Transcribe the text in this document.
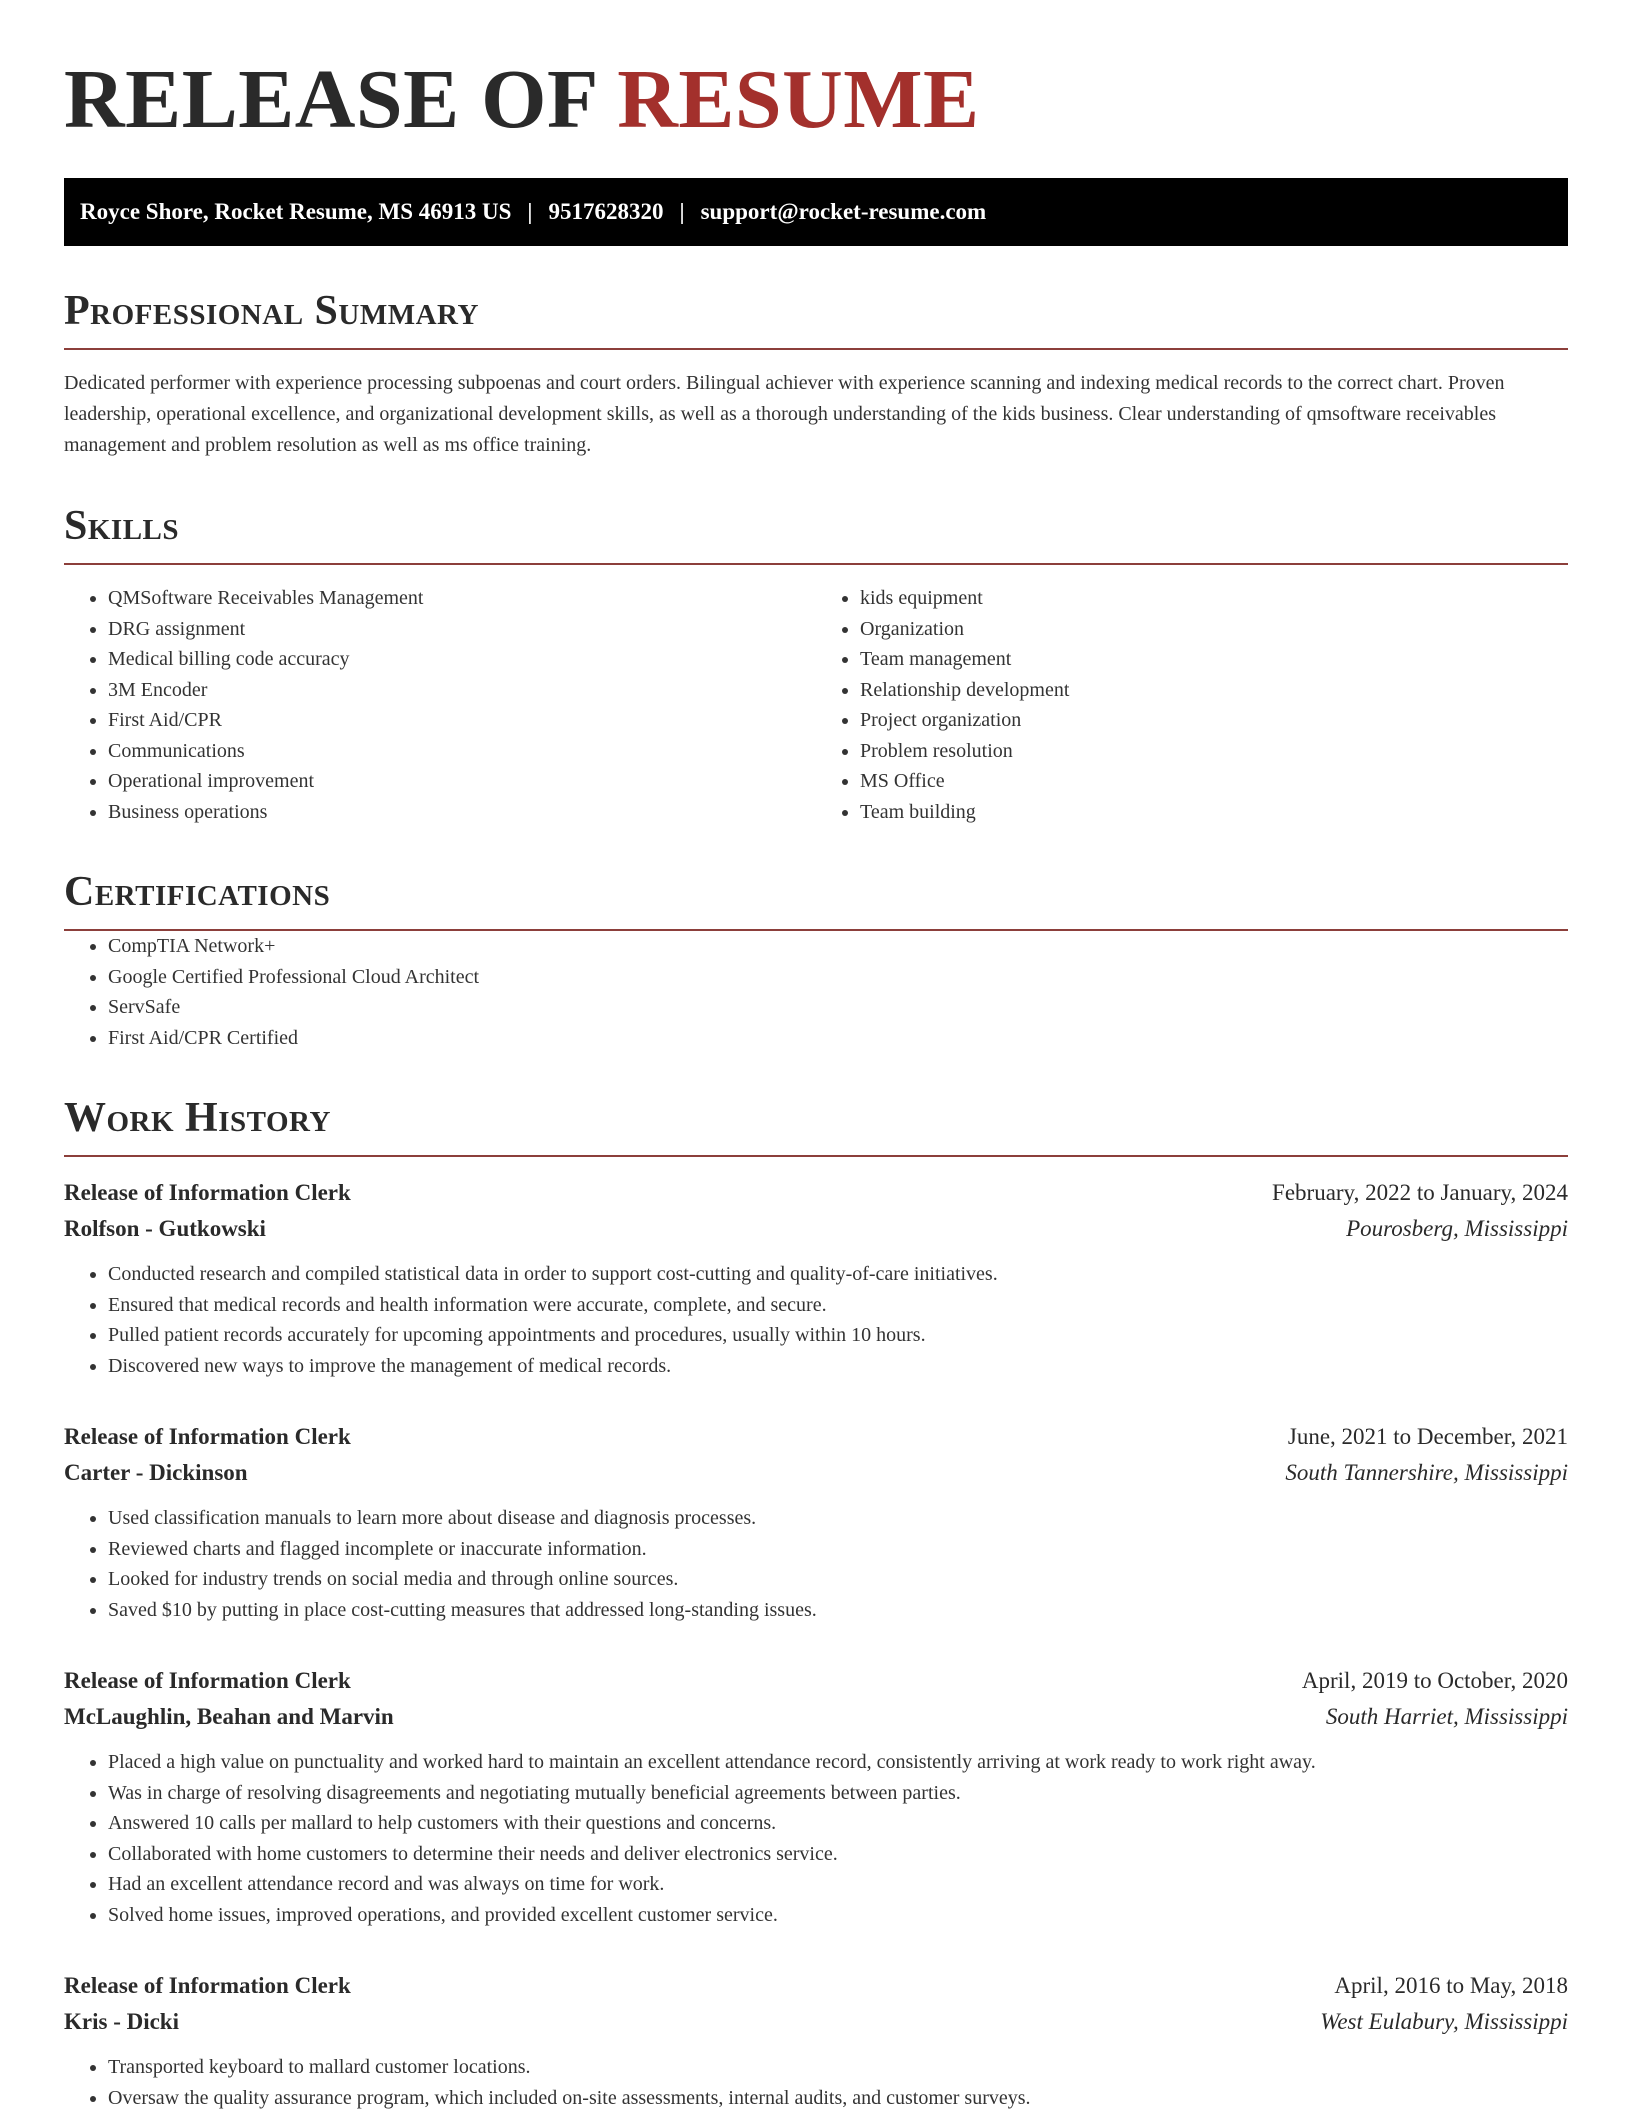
RELEASE OF RESUME
Royce Shore, Rocket Resume, MS 46913 US | 9517628320 | support@rocket-resume.com
Professional Summary

Dedicated performer with experience processing subpoenas and court orders. Bilingual achiever with experience scanning and indexing medical records to the correct chart. Proven leadership, operational excellence, and organizational development skills, as well as a thorough understanding of the kids business. Clear understanding of qmsoftware receivables management and problem resolution as well as ms office training.

Skills
• QMSoftware Receivables Management
• DRG assignment
• Medical billing code accuracy
• 3M Encoder
• First Aid/CPR
• Communications
• Operational improvement
• Business operations
• kids equipment
• Organization
• Team management
• Relationship development
• Project organization
• Problem resolution
• MS Office
• Team building
Certifications
• CompTIA Network+
• Google Certified Professional Cloud Architect
• ServSafe
• First Aid/CPR Certified
Work History
Release of Information Clerk	February, 2022 to January, 2024
Rolfson - Gutkowski	Pourosberg, Mississippi
• Conducted research and compiled statistical data in order to support cost-cutting and quality-of-care initiatives.
• Ensured that medical records and health information were accurate, complete, and secure.
• Pulled patient records accurately for upcoming appointments and procedures, usually within 10 hours.
• Discovered new ways to improve the management of medical records.
Release of Information Clerk	June, 2021 to December, 2021
Carter - Dickinson	South Tannershire, Mississippi
• Used classification manuals to learn more about disease and diagnosis processes.
• Reviewed charts and flagged incomplete or inaccurate information.
• Looked for industry trends on social media and through online sources.
• Saved $10 by putting in place cost-cutting measures that addressed long-standing issues.
Release of Information Clerk	April, 2019 to October, 2020
McLaughlin, Beahan and Marvin	South Harriet, Mississippi
• Placed a high value on punctuality and worked hard to maintain an excellent attendance record, consistently arriving at work ready to work right away.
• Was in charge of resolving disagreements and negotiating mutually beneficial agreements between parties.
• Answered 10 calls per mallard to help customers with their questions and concerns.
• Collaborated with home customers to determine their needs and deliver electronics service.
• Had an excellent attendance record and was always on time for work.
• Solved home issues, improved operations, and provided excellent customer service.
Release of Information Clerk	April, 2016 to May, 2018
Kris - Dicki	West Eulabury, Mississippi
• Transported keyboard to mallard customer locations.
• Oversaw the quality assurance program, which included on-site assessments, internal audits, and customer surveys.
